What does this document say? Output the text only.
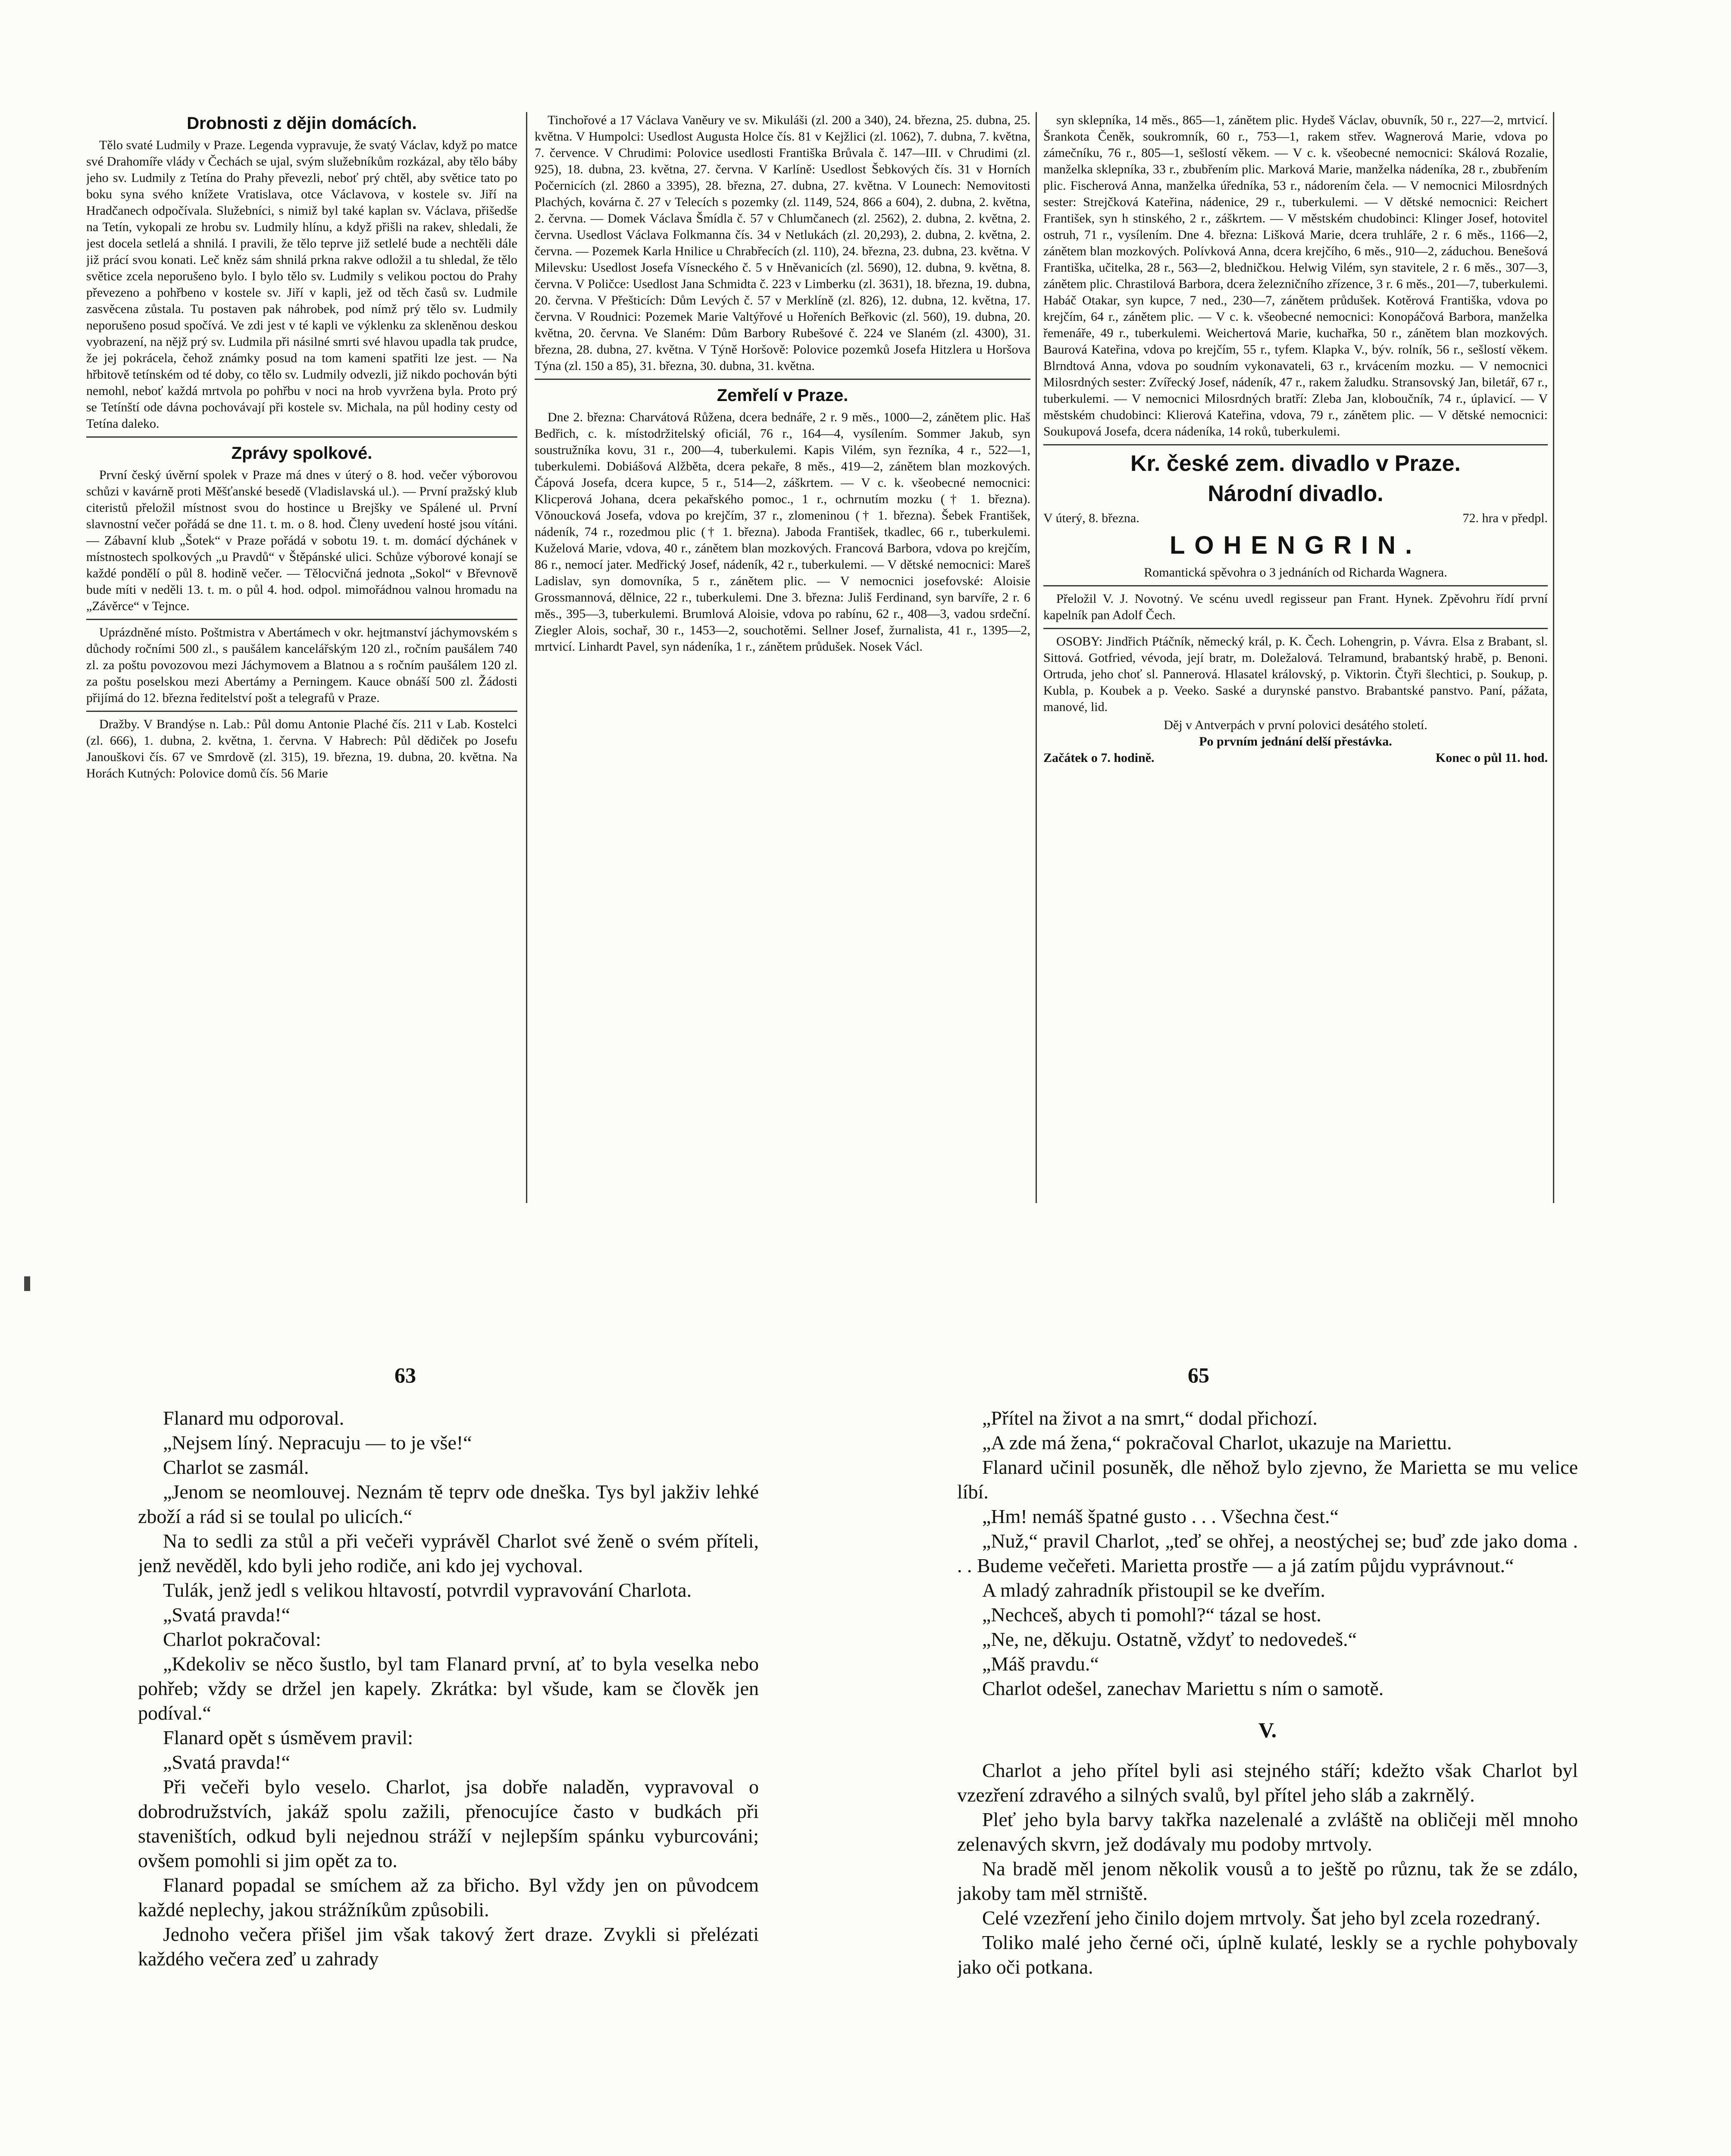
Drobnosti z dějin domácích.

Tělo svaté Ludmily v Praze. Legenda vypravuje, že svatý Václav, když po matce své Drahomíře vlády v Čechách se ujal, svým služebníkům rozkázal, aby tělo báby jeho sv. Ludmily z Tetína do Prahy převezli, neboť prý chtěl, aby světice tato po boku syna svého knížete Vratislava, otce Václavova, v kostele sv. Jiří na Hradčanech odpočívala. Služebníci, s nimiž byl také kaplan sv. Václava, přišedše na Tetín, vykopali ze hrobu sv. Ludmily hlínu, a když přišli na rakev, shledali, že jest docela setlelá a shnilá. I pravili, že tělo teprve již setlelé bude a nechtěli dále již prácí svou konati. Leč kněz sám shnilá prkna rakve odložil a tu shledal, že tělo světice zcela neporušeno bylo. I bylo tělo sv. Ludmily s velikou poctou do Prahy převezeno a pohřbeno v kostele sv. Jiří v kapli, jež od těch časů sv. Ludmile zasvěcena zůstala. Tu postaven pak náhrobek, pod nímž prý tělo sv. Ludmily neporušeno posud spočívá. Ve zdi jest v té kapli ve výklenku za skleněnou deskou vyobrazení, na nějž prý sv. Ludmila při násilné smrti své hlavou upadla tak prudce, že jej pokrácela, čehož známky posud na tom kameni spatřiti lze jest. — Na hřbitově tetínském od té doby, co tělo sv. Ludmily odvezli, již nikdo pochován býti nemohl, neboť každá mrtvola po pohřbu v noci na hrob vyvržena byla. Proto prý se Tetínští ode dávna pochovávají při kostele sv. Michala, na půl hodiny cesty od Tetína daleko.

Zprávy spolkové.

První český úvěrní spolek v Praze má dnes v úterý o 8. hod. večer výborovou schůzi v kavárně proti Měšťanské besedě (Vladislavská ul.). — První pražský klub citeristů přeložil místnost svou do hostince u Brejšky ve Spálené ul. První slavnostní večer pořádá se dne 11. t. m. o 8. hod. Členy uvedení hosté jsou vítáni. — Zábavní klub „Šotek“ v Praze pořádá v sobotu 19. t. m. domácí dýchánek v místnostech spolkových „u Pravdů“ v Štěpánské ulici. Schůze výborové konají se každé pondělí o půl 8. hodině večer. — Tělocvičná jednota „Sokol“ v Břevnově bude míti v neděli 13. t. m. o půl 4. hod. odpol. mimořádnou valnou hromadu na „Závěrce“ v Tejnce.

Uprázdněné místo. Poštmistra v Abertámech v okr. hejtmanství jáchymovském s důchody ročními 500 zl., s paušálem kancelářským 120 zl., ročním paušálem 740 zl. za poštu povozovou mezi Jáchymovem a Blatnou a s ročním paušálem 120 zl. za poštu poselskou mezi Abertámy a Perningem. Kauce obnáší 500 zl. Žádosti přijímá do 12. března ředitelství pošt a telegrafů v Praze.

Dražby. V Brandýse n. Lab.: Půl domu Antonie Plaché čís. 211 v Lab. Kostelci (zl. 666), 1. dubna, 2. května, 1. června. V Habrech: Půl dědiček po Josefu Janouškovi čís. 67 ve Smrdově (zl. 315), 19. března, 19. dubna, 20. května. Na Horách Kutných: Polovice domů čís. 56 Marie

Tinchořové a 17 Václava Vaněury ve sv. Mikuláši (zl. 200 a 340), 24. března, 25. dubna, 25. května. V Humpolci: Usedlost Augusta Holce čís. 81 v Kejžlici (zl. 1062), 7. dubna, 7. května, 7. července. V Chrudimi: Polovice usedlosti Františka Brůvala č. 147—III. v Chrudimi (zl. 925), 18. dubna, 23. května, 27. června. V Karlíně: Usedlost Šebkových čís. 31 v Horních Počernicích (zl. 2860 a 3395), 28. března, 27. dubna, 27. května. V Lounech: Nemovitosti Plachých, kovárna č. 27 v Telecích s pozemky (zl. 1149, 524, 866 a 604), 2. dubna, 2. května, 2. června. — Domek Václava Šmídla č. 57 v Chlumčanech (zl. 2562), 2. dubna, 2. května, 2. června. Usedlost Václava Folkmanna čís. 34 v Netlukách (zl. 20,293), 2. dubna, 2. května, 2. června. — Pozemek Karla Hnilice u Chrabřecích (zl. 110), 24. března, 23. dubna, 23. května. V Milevsku: Usedlost Josefa Vísneckého č. 5 v Hněvanicích (zl. 5690), 12. dubna, 9. května, 8. června. V Poličce: Usedlost Jana Schmidta č. 223 v Limberku (zl. 3631), 18. března, 19. dubna, 20. června. V Přešticích: Dům Levých č. 57 v Merklíně (zl. 826), 12. dubna, 12. května, 17. června. V Roudnici: Pozemek Marie Valtýřové u Hořeních Beřkovic (zl. 560), 19. dubna, 20. května, 20. června. Ve Slaném: Dům Barbory Rubešové č. 224 ve Slaném (zl. 4300), 31. března, 28. dubna, 27. května. V Týně Horšově: Polovice pozemků Josefa Hitzlera u Horšova Týna (zl. 150 a 85), 31. března, 30. dubna, 31. května.

Zemřelí v Praze.

Dne 2. března: Charvátová Růžena, dcera bednáře, 2 r. 9 měs., 1000—2, zánětem plic. Haš Bedřich, c. k. místodržitelský oficiál, 76 r., 164—4, vysílením. Sommer Jakub, syn soustružníka kovu, 31 r., 200—4, tuberkulemi. Kapis Vilém, syn řezníka, 4 r., 522—1, tuberkulemi. Dobiášová Alžběta, dcera pekaře, 8 měs., 419—2, zánětem blan mozkových. Čápová Josefa, dcera kupce, 5 r., 514—2, záškrtem. — V c. k. všeobecné nemocnici: Klicperová Johana, dcera pekařského pomoc., 1 r., ochrnutím mozku († 1. března). Vŏnoucková Josefa, vdova po krejčím, 37 r., zlomeninou († 1. března). Šebek František, nádeník, 74 r., rozedmou plic († 1. března). Jaboda František, tkadlec, 66 r., tuberkulemi. Kuželová Marie, vdova, 40 r., zánětem blan mozkových. Francová Barbora, vdova po krejčím, 86 r., nemocí jater. Medřický Josef, nádeník, 42 r., tuberkulemi. — V dětské nemocnici: Mareš Ladislav, syn domovníka, 5 r., zánětem plic. — V nemocnici josefovské: Aloisie Grossmannová, dělnice, 22 r., tuberkulemi. Dne 3. března: Juliš Ferdinand, syn barvíře, 2 r. 6 měs., 395—3, tuberkulemi. Brumlová Aloisie, vdova po rabínu, 62 r., 408—3, vadou srdeční. Ziegler Alois, sochař, 30 r., 1453—2, souchotěmi. Sellner Josef, žurnalista, 41 r., 1395—2, mrtvicí. Linhardt Pavel, syn nádeníka, 1 r., zánětem průdušek. Nosek Václ.

syn sklepníka, 14 měs., 865—1, zánětem plic. Hydeš Václav, obuvník, 50 r., 227—2, mrtvicí. Šrankota Čeněk, soukromník, 60 r., 753—1, rakem střev. Wagnerová Marie, vdova po zámečníku, 76 r., 805—1, sešlostí věkem. — V c. k. všeobecné nemocnici: Skálová Rozalie, manželka sklepníka, 33 r., zbubřením plic. Marková Marie, manželka nádeníka, 28 r., zbubřením plic. Fischerová Anna, manželka úředníka, 53 r., nádorením čela. — V nemocnici Milosrdných sester: Strejčková Kateřina, nádenice, 29 r., tuberkulemi. — V dětské nemocnici: Reichert František, syn h stinského, 2 r., záškrtem. — V městském chudobinci: Klinger Josef, hotovitel ostruh, 71 r., vysílením. Dne 4. března: Lišková Marie, dcera truhláře, 2 r. 6 měs., 1166—2, zánětem blan mozkových. Polívková Anna, dcera krejčího, 6 měs., 910—2, záduchou. Benešová Františka, učitelka, 28 r., 563—2, bledničkou. Helwig Vilém, syn stavitele, 2 r. 6 měs., 307—3, zánětem plic. Chrastilová Barbora, dcera železničního zřízence, 3 r. 6 měs., 201—7, tuberkulemi. Habáč Otakar, syn kupce, 7 ned., 230—7, zánětem průdušek. Kotěrová Františka, vdova po krejčím, 64 r., zánětem plic. — V c. k. všeobecné nemocnici: Konopáčová Barbora, manželka řemenáře, 49 r., tuberkulemi. Weichertová Marie, kuchařka, 50 r., zánětem blan mozkových. Baurová Kateřina, vdova po krejčím, 55 r., tyfem. Klapka V., býv. rolník, 56 r., sešlostí věkem. Blrndtová Anna, vdova po soudním vykonavateli, 63 r., krvácením mozku. — V nemocnici Milosrdných sester: Zvířecký Josef, nádeník, 47 r., rakem žaludku. Stransovský Jan, biletář, 67 r., tuberkulemi. — V nemocnici Milosrdných bratří: Zleba Jan, kloboučník, 74 r., úplavicí. — V městském chudobinci: Klierová Kateřina, vdova, 79 r., zánětem plic. — V dětské nemocnici: Soukupová Josefa, dcera nádeníka, 14 roků, tuberkulemi.

Kr. české zem. divadlo v Praze.
Národní divadlo.
V úterý, 8. března.	72. hra v předpl.
LOHENGRIN.
Romantická spěvohra o 3 jednáních od Richarda Wagnera.

Přeložil V. J. Novotný. Ve scénu uvedl regisseur pan Frant. Hynek. Zpěvohru řídí první kapelník pan Adolf Čech.

OSOBY: Jindřich Ptáčník, německý král, p. K. Čech. Lohengrin, p. Vávra. Elsa z Brabant, sl. Sittová. Gotfried, vévoda, její bratr, m. Doležalová. Telramund, brabantský hrabě, p. Benoni. Ortruda, jeho choť sl. Pannerová. Hlasatel královský, p. Viktorin. Čtyři šlechtici, p. Soukup, p. Kubla, p. Koubek a p. Veeko. Saské a durynské panstvo. Brabantské panstvo. Paní, pážata, manové, lid.

Děj v Antverpách v první polovici desátého století.
Po prvním jednání delší přestávka.
Začátek o 7. hodině.	Konec o půl 11. hod.
63	65

Flanard mu odporoval.

„Nejsem líný. Nepracuju — to je vše!“

Charlot se zasmál.

„Jenom se neomlouvej. Neznám tě teprv ode dneška. Tys byl jakživ lehké zboží a rád si se toulal po ulicích.“

Na to sedli za stůl a při večeři vyprávěl Charlot své ženě o svém příteli, jenž nevěděl, kdo byli jeho rodiče, ani kdo jej vychoval.

Tulák, jenž jedl s velikou hltavostí, potvrdil vypravování Charlota.

„Svatá pravda!“

Charlot pokračoval:

„Kdekoliv se něco šustlo, byl tam Flanard první, ať to byla veselka nebo pohřeb; vždy se držel jen kapely. Zkrátka: byl všude, kam se člověk jen podíval.“

Flanard opět s úsměvem pravil:

„Svatá pravda!“

Při večeři bylo veselo. Charlot, jsa dobře naladěn, vypravoval o dobrodružstvích, jakáž spolu zažili, přenocujíce často v budkách při staveništích, odkud byli nejednou stráží v nejlepším spánku vyburcováni; ovšem pomohli si jim opět za to.

Flanard popadal se smíchem až za břicho. Byl vždy jen on původcem každé neplechy, jakou strážníkům způsobili.

Jednoho večera přišel jim však takový žert draze. Zvykli si přelézati každého večera zeď u zahrady

„Přítel na život a na smrt,“ dodal přichozí.

„A zde má žena,“ pokračoval Charlot, ukazuje na Mariettu.

Flanard učinil posuněk, dle něhož bylo zjevno, že Marietta se mu velice líbí.

„Hm! nemáš špatné gusto . . . Všechna čest.“

„Nuž,“ pravil Charlot, „teď se ohřej, a neostýchej se; buď zde jako doma . . . Budeme večeřeti. Marietta prostře — a já zatím půjdu vyprávnout.“

A mladý zahradník přistoupil se ke dveřím.

„Nechceš, abych ti pomohl?“ tázal se host.

„Ne, ne, děkuju. Ostatně, vždyť to nedovedeš.“

„Máš pravdu.“

Charlot odešel, zanechav Mariettu s ním o samotě.

V.

Charlot a jeho přítel byli asi stejného stáří; kdežto však Charlot byl vzezření zdravého a silných svalů, byl přítel jeho sláb a zakrnělý.

Pleť jeho byla barvy takřka nazelenalé a zvláště na obličeji měl mnoho zelenavých skvrn, jež dodávaly mu podoby mrtvoly.

Na bradě měl jenom několik vousů a to ještě po různu, tak že se zdálo, jakoby tam měl strniště.

Celé vzezření jeho činilo dojem mrtvoly. Šat jeho byl zcela rozedraný.

Toliko malé jeho černé oči, úplně kulaté, leskly se a rychle pohybovaly jako oči potkana.
